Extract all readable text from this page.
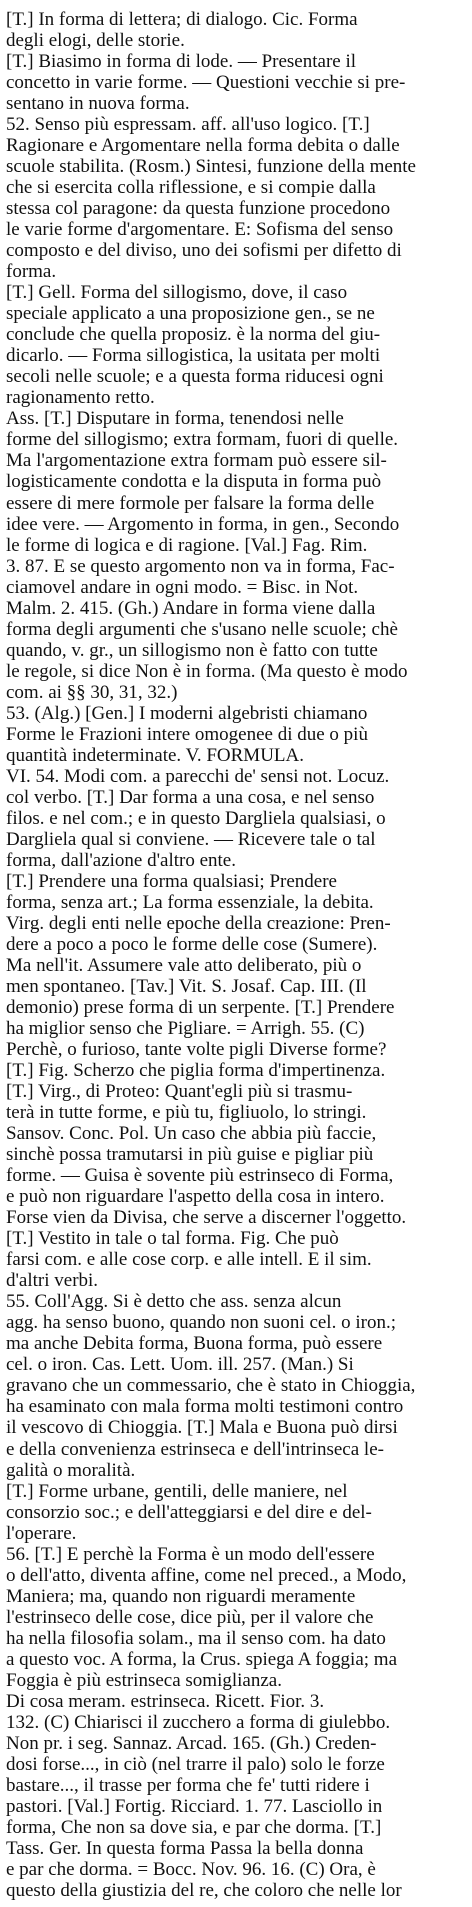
[T.] In forma di lettera; di dialogo. Cic. Forma

degli elogi, delle storie.

[T.] Biasimo in forma di lode. — Presentare il

concetto in varie forme. — Questioni vecchie si pre-

sentano in nuova forma.

52. Senso più espressam. aff. all'uso logico. [T.]

Ragionare e Argomentare nella forma debita o dalle

scuole stabilita. (Rosm.) Sintesi, funzione della mente

che si esercita colla riflessione, e si compie dalla

stessa col paragone: da questa funzione procedono

le varie forme d'argomentare. E: Sofisma del senso

composto e del diviso, uno dei sofismi per difetto di

forma.

[T.] Gell. Forma del sillogismo, dove, il caso

speciale applicato a una proposizione gen., se ne

conclude che quella proposiz. è la norma del giu-

dicarlo. — Forma sillogistica, la usitata per molti

secoli nelle scuole; e a questa forma riducesi ogni

ragionamento retto.

Ass. [T.] Disputare in forma, tenendosi nelle

forme del sillogismo; extra formam, fuori di quelle.

Ma l'argomentazione extra formam può essere sil-

logisticamente condotta e la disputa in forma può

essere di mere formole per falsare la forma delle

idee vere. — Argomento in forma, in gen., Secondo

le forme di logica e di ragione. [Val.] Fag. Rim.

3. 87. E se questo argomento non va in forma, Fac-

ciamovel andare in ogni modo. = Bisc. in Not.

Malm. 2. 415. (Gh.) Andare in forma viene dalla

forma degli argumenti che s'usano nelle scuole; chè

quando, v. gr., un sillogismo non è fatto con tutte

le regole, si dice Non è in forma. (Ma questo è modo

com. ai §§ 30, 31, 32.)

53. (Alg.) [Gen.] I moderni algebristi chiamano

Forme le Frazioni intere omogenee di due o più

quantità indeterminate. V. FORMULA.

VI. 54. Modi com. a parecchi de' sensi not. Locuz.

col verbo. [T.] Dar forma a una cosa, e nel senso

filos. e nel com.; e in questo Dargliela qualsiasi, o

Dargliela qual si conviene. — Ricevere tale o tal

forma, dall'azione d'altro ente.

[T.] Prendere una forma qualsiasi; Prendere

forma, senza art.; La forma essenziale, la debita.

Virg. degli enti nelle epoche della creazione: Pren-

dere a poco a poco le forme delle cose (Sumere).

Ma nell'it. Assumere vale atto deliberato, più o

men spontaneo. [Tav.] Vit. S. Josaf. Cap. III. (Il

demonio) prese forma di un serpente. [T.] Prendere

ha miglior senso che Pigliare. = Arrigh. 55. (C)

Perchè, o furioso, tante volte pigli Diverse forme?

[T.] Fig. Scherzo che piglia forma d'impertinenza.

[T.] Virg., di Proteo: Quant'egli più si trasmu-

terà in tutte forme, e più tu, figliuolo, lo stringi.

Sansov. Conc. Pol. Un caso che abbia più faccie,

sinchè possa tramutarsi in più guise e pigliar più

forme. — Guisa è sovente più estrinseco di Forma,

e può non riguardare l'aspetto della cosa in intero.

Forse vien da Divisa, che serve a discerner l'oggetto.

[T.] Vestito in tale o tal forma. Fig. Che può

farsi com. e alle cose corp. e alle intell. E il sim.

d'altri verbi.

55. Coll'Agg. Si è detto che ass. senza alcun

agg. ha senso buono, quando non suoni cel. o iron.;

ma anche Debita forma, Buona forma, può essere

cel. o iron. Cas. Lett. Uom. ill. 257. (Man.) Si

gravano che un commessario, che è stato in Chioggia,

ha esaminato con mala forma molti testimoni contro

il vescovo di Chioggia. [T.] Mala e Buona può dirsi

e della convenienza estrinseca e dell'intrinseca le-

galità o moralità.

[T.] Forme urbane, gentili, delle maniere, nel

consorzio soc.; e dell'atteggiarsi e del dire e del-

l'operare.

56. [T.] E perchè la Forma è un modo dell'essere

o dell'atto, diventa affine, come nel preced., a Modo,

Maniera; ma, quando non riguardi meramente

l'estrinseco delle cose, dice più, per il valore che

ha nella filosofia solam., ma il senso com. ha dato

a questo voc. A forma, la Crus. spiega A foggia; ma

Foggia è più estrinseca somiglianza.

Di cosa meram. estrinseca. Ricett. Fior. 3.

132. (C) Chiarisci il zucchero a forma di giulebbo.

Non pr. i seg. Sannaz. Arcad. 165. (Gh.) Creden-

dosi forse..., in ciò (nel trarre il palo) solo le forze

bastare..., il trasse per forma che fe' tutti ridere i

pastori. [Val.] Fortig. Ricciard. 1. 77. Lasciollo in

forma, Che non sa dove sia, e par che dorma. [T.]

Tass. Ger. In questa forma Passa la bella donna

e par che dorma. = Bocc. Nov. 96. 16. (C) Ora, è

questo della giustizia del re, che coloro che nelle lor
